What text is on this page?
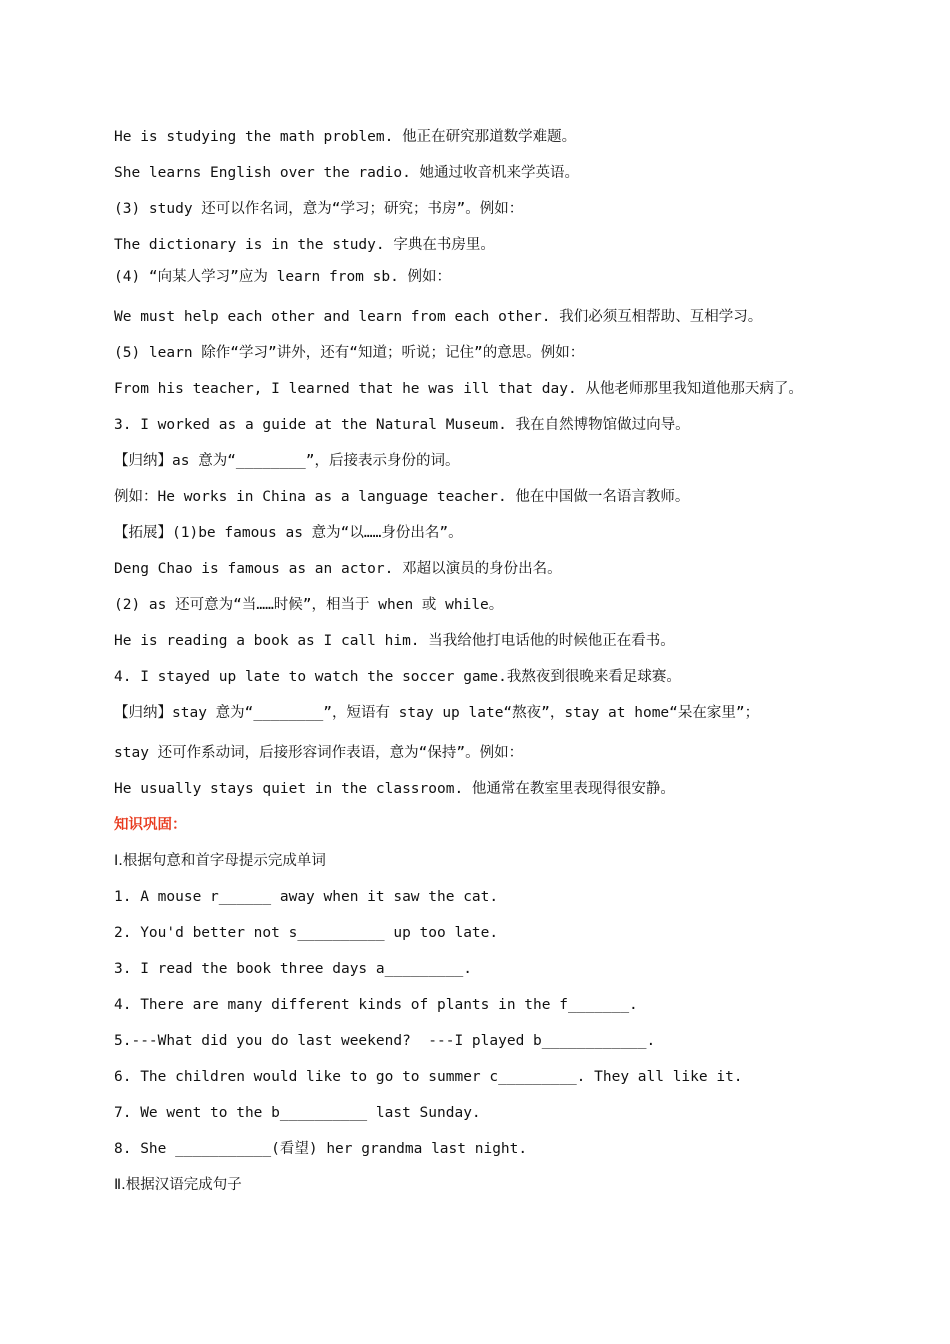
He is studying the math problem. 他正在研究那道数学难题。
She learns English over the radio. 她通过收音机来学英语。
(3) study 还可以作名词，意为“学习；研究；书房”。例如：
The dictionary is in the study. 字典在书房里。
(4) “向某人学习”应为 learn from sb. 例如：
We must help each other and learn from each other. 我们必须互相帮助、互相学习。
(5) learn 除作“学习”讲外，还有“知道；听说；记住”的意思。例如：
From his teacher, I learned that he was ill that day. 从他老师那里我知道他那天病了。
3. I worked as a guide at the Natural Museum. 我在自然博物馆做过向导。
【归纳】as 意为“________”，后接表示身份的词。
例如：He works in China as a language teacher. 他在中国做一名语言教师。
【拓展】(1)be famous as 意为“以……身份出名”。
Deng Chao is famous as an actor. 邓超以演员的身份出名。
(2) as 还可意为“当……时候”，相当于 when 或 while。
He is reading a book as I call him. 当我给他打电话他的时候他正在看书。
4. I stayed up late to watch the soccer game.我熬夜到很晚来看足球赛。
【归纳】stay 意为“________”，短语有 stay up late“熬夜”，stay at home“呆在家里”；
stay 还可作系动词，后接形容词作表语，意为“保持”。例如：
He usually stays quiet in the classroom. 他通常在教室里表现得很安静。
知识巩固：
Ⅰ.根据句意和首字母提示完成单词
1. A mouse r______ away when it saw the cat.
2. You'd better not s__________ up too late.
3. I read the book three days a_________.
4. There are many different kinds of plants in the f_______.
5.---What did you do last weekend?  ---I played b____________.
6. The children would like to go to summer c_________. They all like it.
7. We went to the b__________ last Sunday.
8. She ___________(看望) her grandma last night.
Ⅱ.根据汉语完成句子
